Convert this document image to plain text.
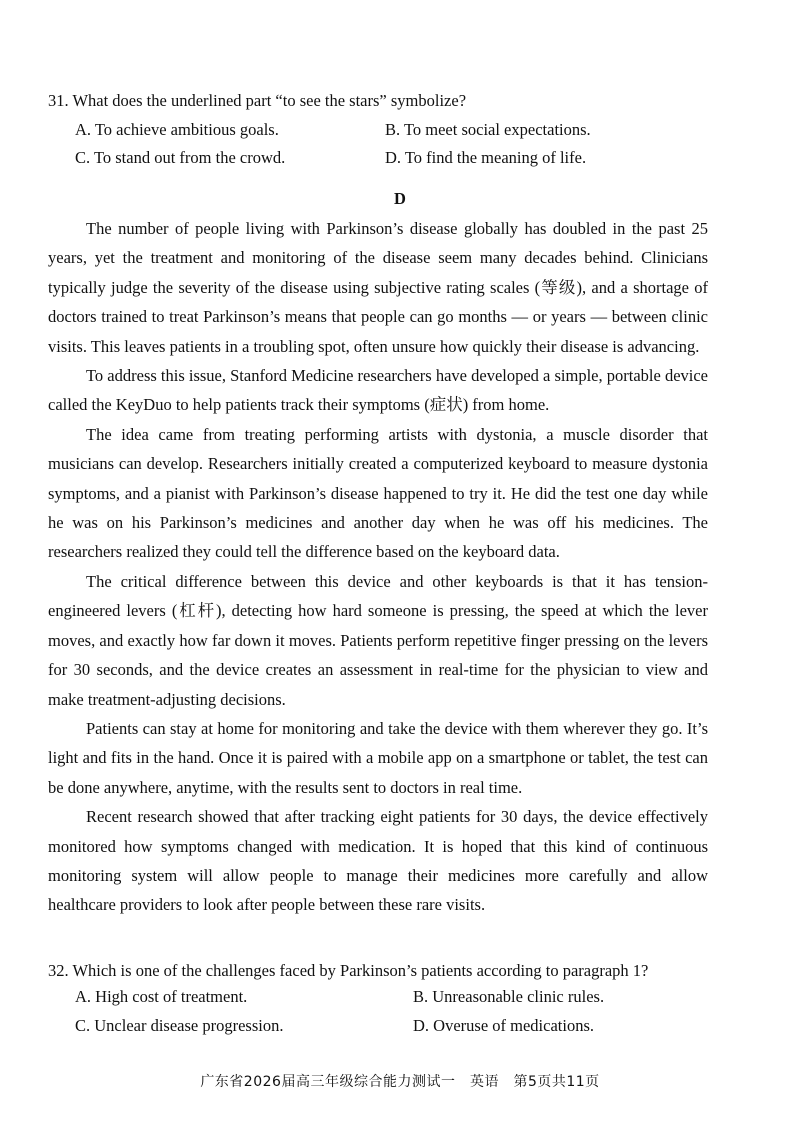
31. What does the underlined part “to see the stars” symbolize?
A. To achieve ambitious goals.	B. To meet social expectations.
C. To stand out from the crowd.	D. To find the meaning of life.
D

The number of people living with Parkinson’s disease globally has doubled in the past 25 years, yet the treatment and monitoring of the disease seem many decades behind. Clinicians typically judge the severity of the disease using subjective rating scales (等级), and a shortage of doctors trained to treat Parkinson’s means that people can go months — or years — between clinic visits. This leaves patients in a troubling spot, often unsure how quickly their disease is advancing.

To address this issue, Stanford Medicine researchers have developed a simple, portable device called the KeyDuo to help patients track their symptoms (症状) from home.

The idea came from treating performing artists with dystonia, a muscle disorder that musicians can develop. Researchers initially created a computerized keyboard to measure dystonia symptoms, and a pianist with Parkinson’s disease happened to try it. He did the test one day while he was on his Parkinson’s medicines and another day when he was off his medicines. The researchers realized they could tell the difference based on the keyboard data.

The critical difference between this device and other keyboards is that it has tension-engineered levers (杠杆), detecting how hard someone is pressing, the speed at which the lever moves, and exactly how far down it moves. Patients perform repetitive finger pressing on the levers for 30 seconds, and the device creates an assessment in real-time for the physician to view and make treatment-adjusting decisions.

Patients can stay at home for monitoring and take the device with them wherever they go. It’s light and fits in the hand. Once it is paired with a mobile app on a smartphone or tablet, the test can be done anywhere, anytime, with the results sent to doctors in real time.

Recent research showed that after tracking eight patients for 30 days, the device effectively monitored how symptoms changed with medication. It is hoped that this kind of continuous monitoring system will allow people to manage their medicines more carefully and allow healthcare providers to look after people between these rare visits.

32. Which is one of the challenges faced by Parkinson’s patients according to paragraph 1?
A. High cost of treatment.	B. Unreasonable clinic rules.
C. Unclear disease progression.	D. Overuse of medications.
广东省2026届高三年级综合能力测试一　英语　第5页共11页
